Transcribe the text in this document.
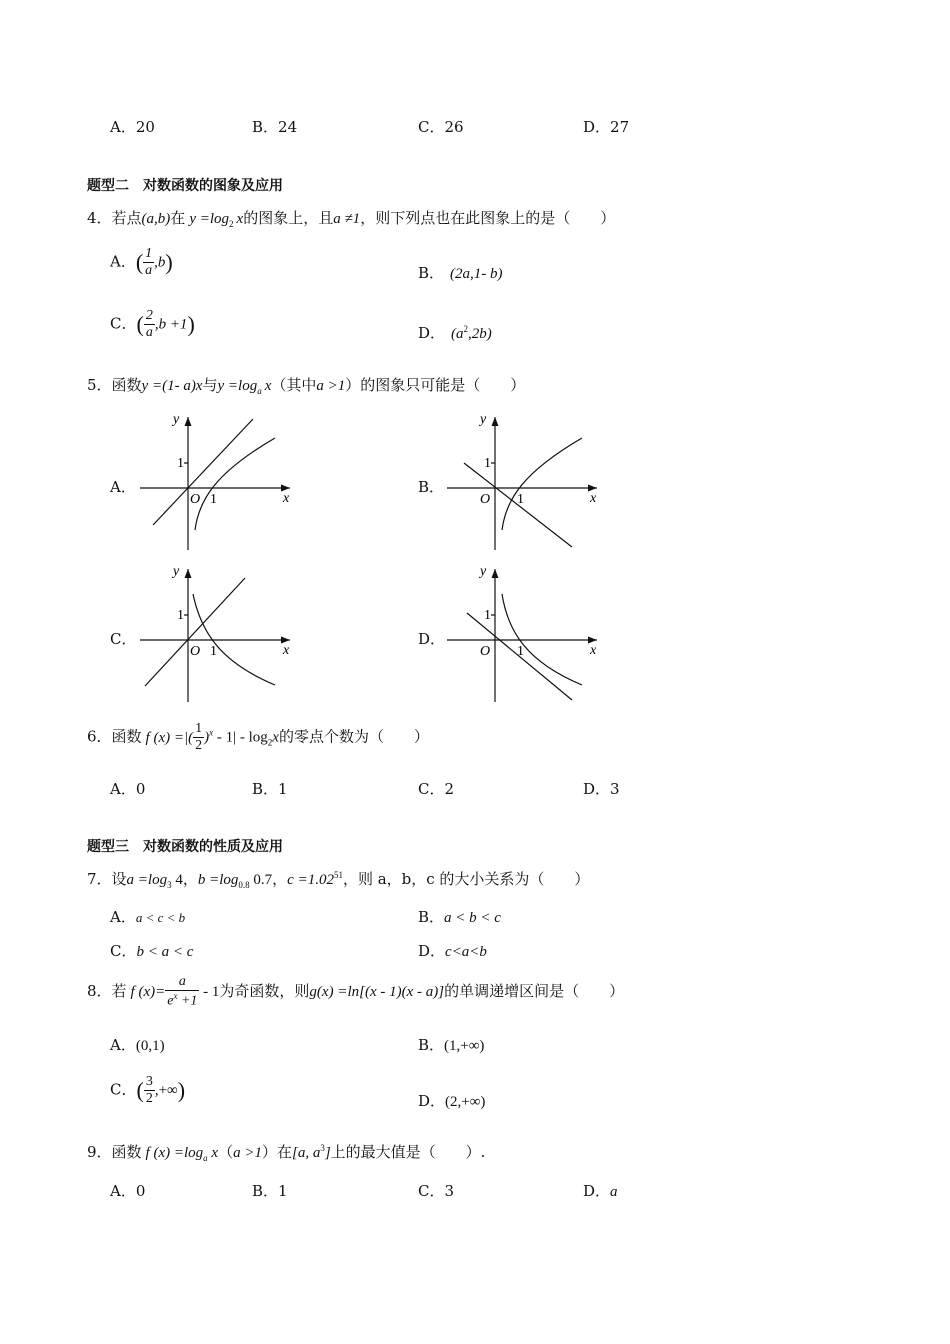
A．20	B．24	C．26	D．27
题型二　对数函数的图象及应用
4．若点(a,b)在 $y =\log_2$ x的图象上，且a ≠1，则下列点也在此图象上的是（　　）
A．( $\frac{1}{a} ,b$)	B． (2a,1- b)
C．( $\frac{2}{a} ,b +1$)	D． $(a^2,2b)$
5．函数y =(1- a)x与$y =\log_a$ x（其中a >1）的图象只可能是（　　）
A．	B．
C．	D．
y
x
O
1
1
y
x
O
1
1
y
x
O
1
1
y
x
O
1
1
6．函数 f (x) =|( $\frac{1}{2} )^x - 1| - \log_2x$的零点个数为（　　）
A．0	B．1	C．2	D．3
题型三　对数函数的性质及应用
7．设$a =\log_3$ 4，$b =\log_{0.8}$ 0.7，$c =1.02^{51}$，则 a，b，c 的大小关系为（　　）
A．a < c < b	B．a < b < c
C．b < a < c	D．c<a<b
8．若 f $(x)= \frac{a}{e^x +1} - 1$为奇函数，则g(x) =ln[(x - 1)(x - a)]的单调递增区间是（　　）
A．(0,1)	B．(1,+∞)
C．( $\frac{3}{2}$ ,+∞)	D．(2,+∞)
9．函数 f $(x) =\log_a$ x（a >1）在[a, $a^3$]上的最大值是（　　）.
A．0	B．1	C．3	D．a
